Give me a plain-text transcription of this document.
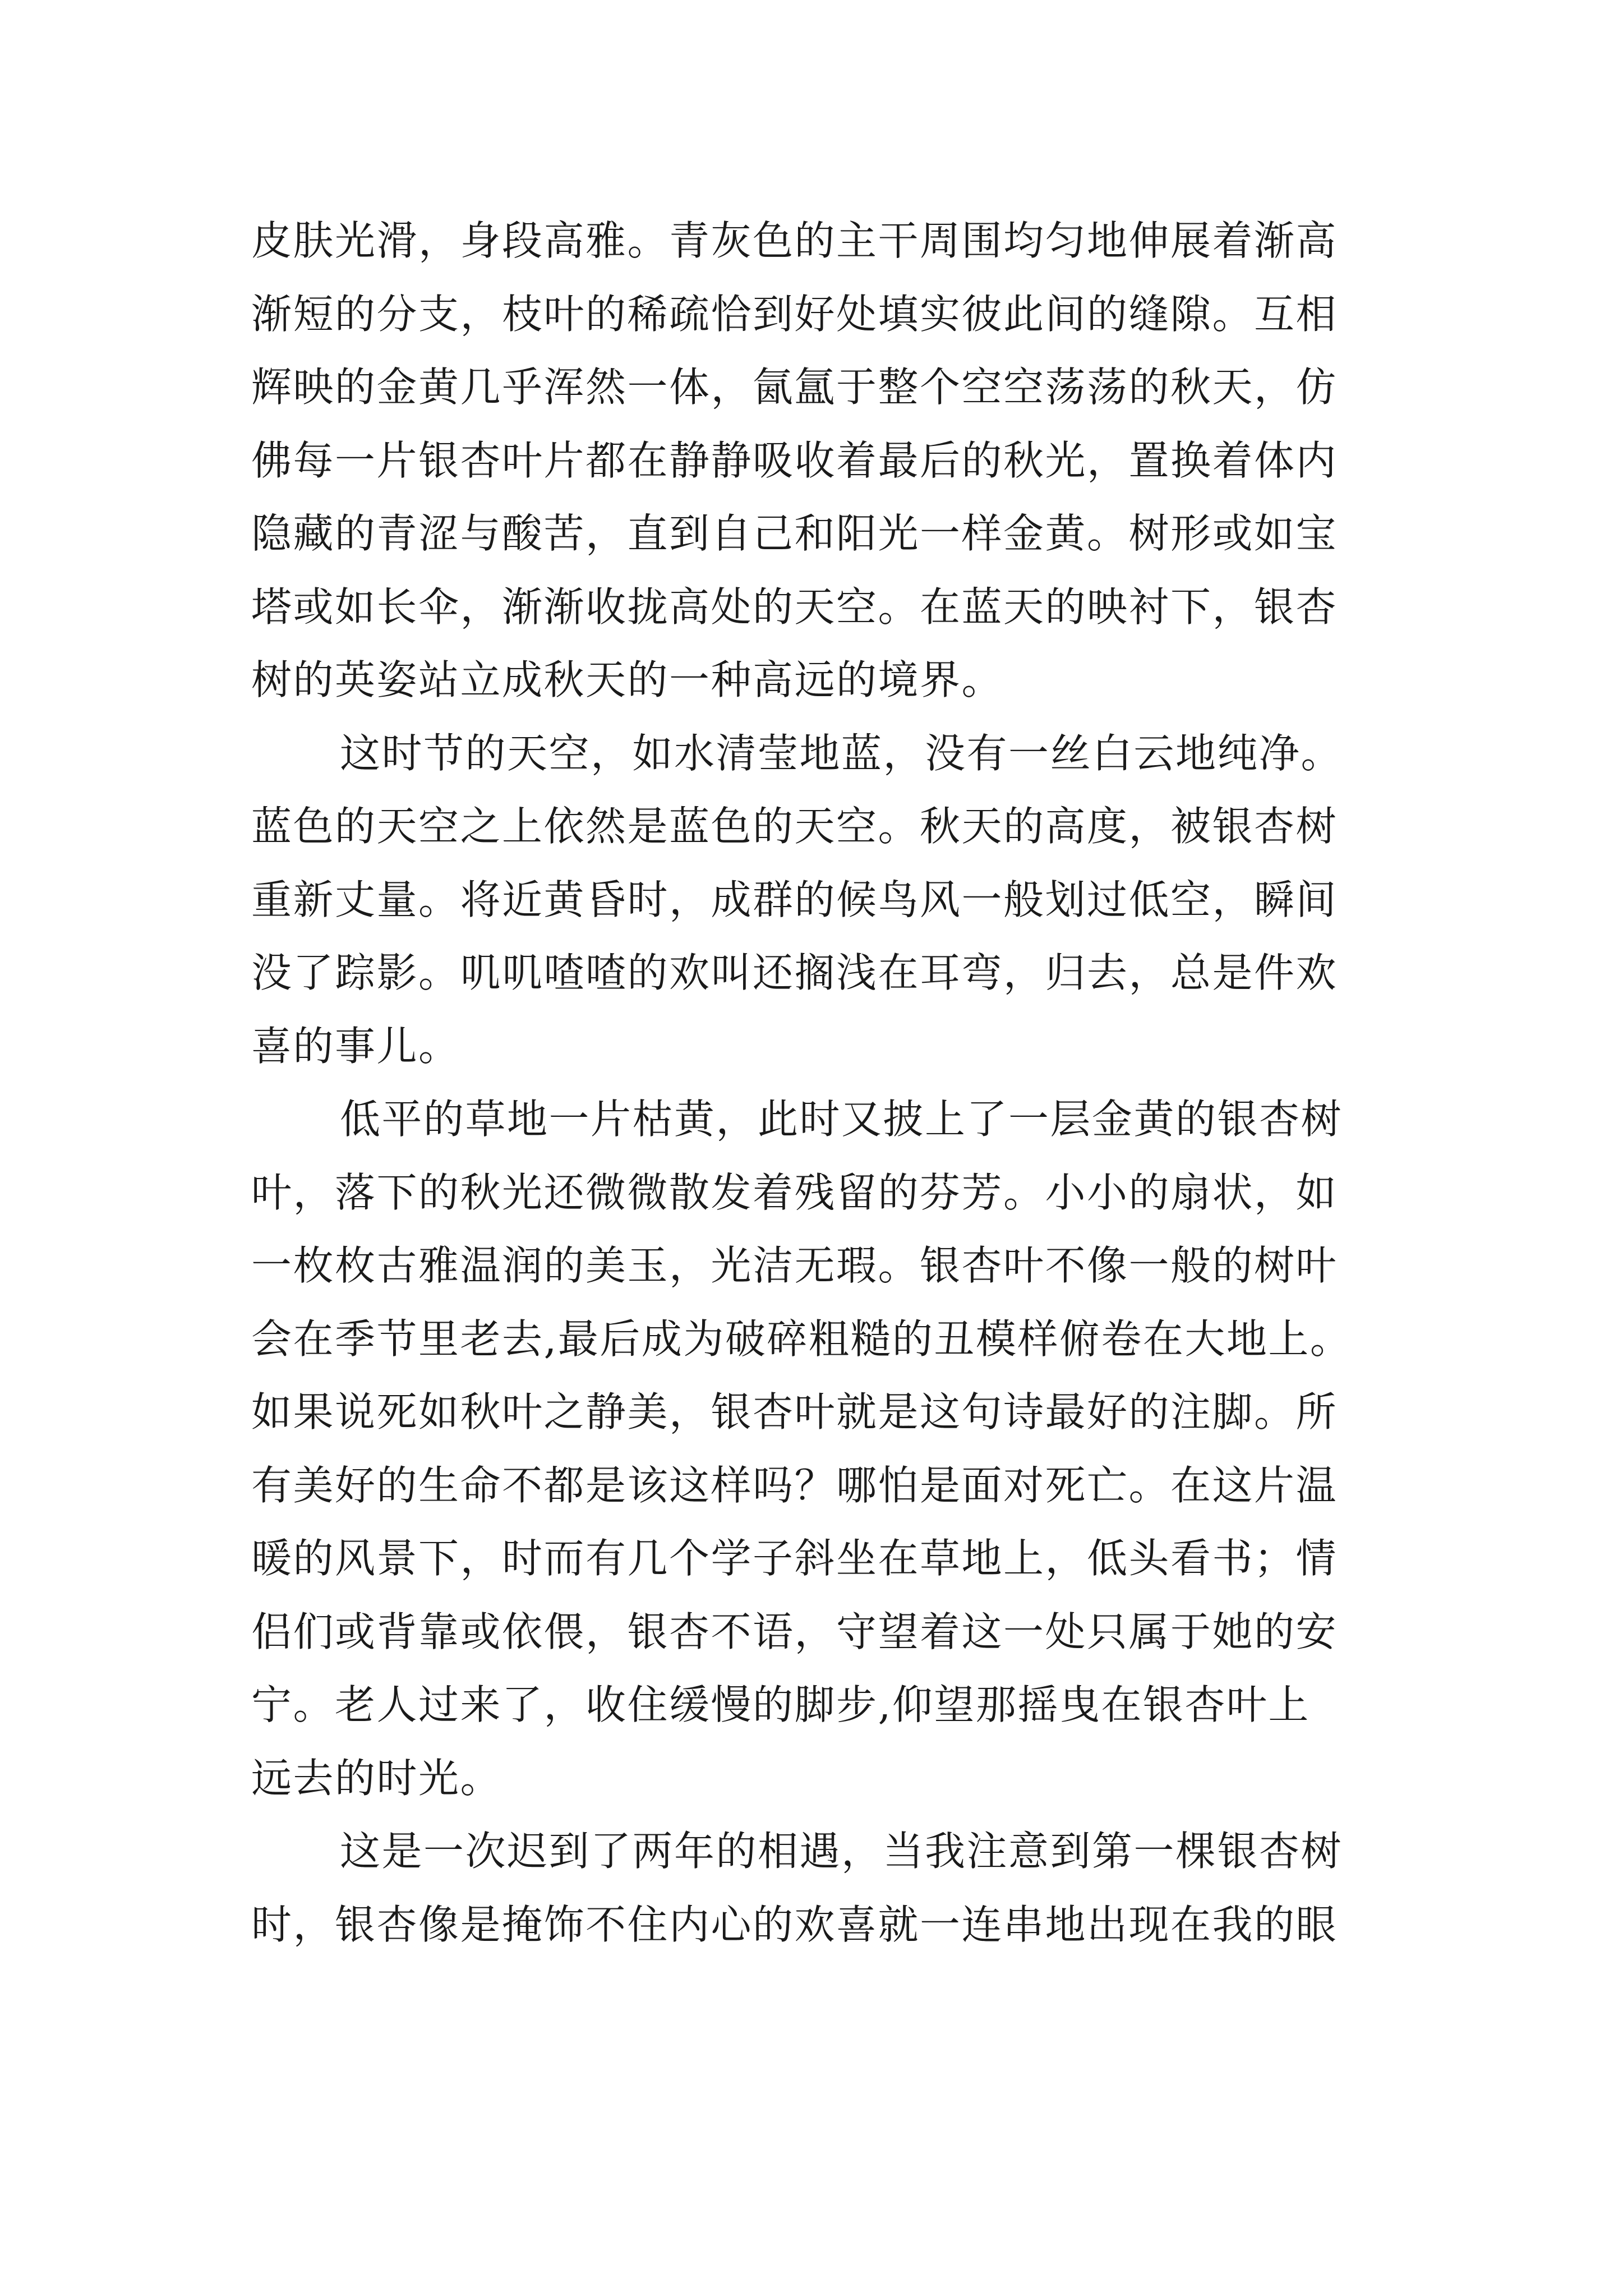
皮肤光滑，身段高雅。青灰色的主干周围均匀地伸展着渐高
渐短的分支，枝叶的稀疏恰到好处填实彼此间的缝隙。互相
辉映的金黄几乎浑然一体，氤氲于整个空空荡荡的秋天，仿
佛每一片银杏叶片都在静静吸收着最后的秋光，置换着体内
隐藏的青涩与酸苦，直到自己和阳光一样金黄。树形或如宝
塔或如长伞，渐渐收拢高处的天空。在蓝天的映衬下，银杏
树的英姿站立成秋天的一种高远的境界。
这时节的天空，如水清莹地蓝，没有一丝白云地纯净。
蓝色的天空之上依然是蓝色的天空。秋天的高度，被银杏树
重新丈量。将近黄昏时，成群的候鸟风一般划过低空，瞬间
没了踪影。叽叽喳喳的欢叫还搁浅在耳弯，归去，总是件欢
喜的事儿。
低平的草地一片枯黄，此时又披上了一层金黄的银杏树
叶，落下的秋光还微微散发着残留的芬芳。小小的扇状，如
一枚枚古雅温润的美玉，光洁无瑕。银杏叶不像一般的树叶
会在季节里老去,最后成为破碎粗糙的丑模样俯卷在大地上。
如果说死如秋叶之静美，银杏叶就是这句诗最好的注脚。所
有美好的生命不都是该这样吗？哪怕是面对死亡。在这片温
暖的风景下，时而有几个学子斜坐在草地上，低头看书；情
侣们或背靠或依偎，银杏不语，守望着这一处只属于她的安
宁。老人过来了，收住缓慢的脚步,仰望那摇曳在银杏叶上
远去的时光。
这是一次迟到了两年的相遇，当我注意到第一棵银杏树
时，银杏像是掩饰不住内心的欢喜就一连串地出现在我的眼
